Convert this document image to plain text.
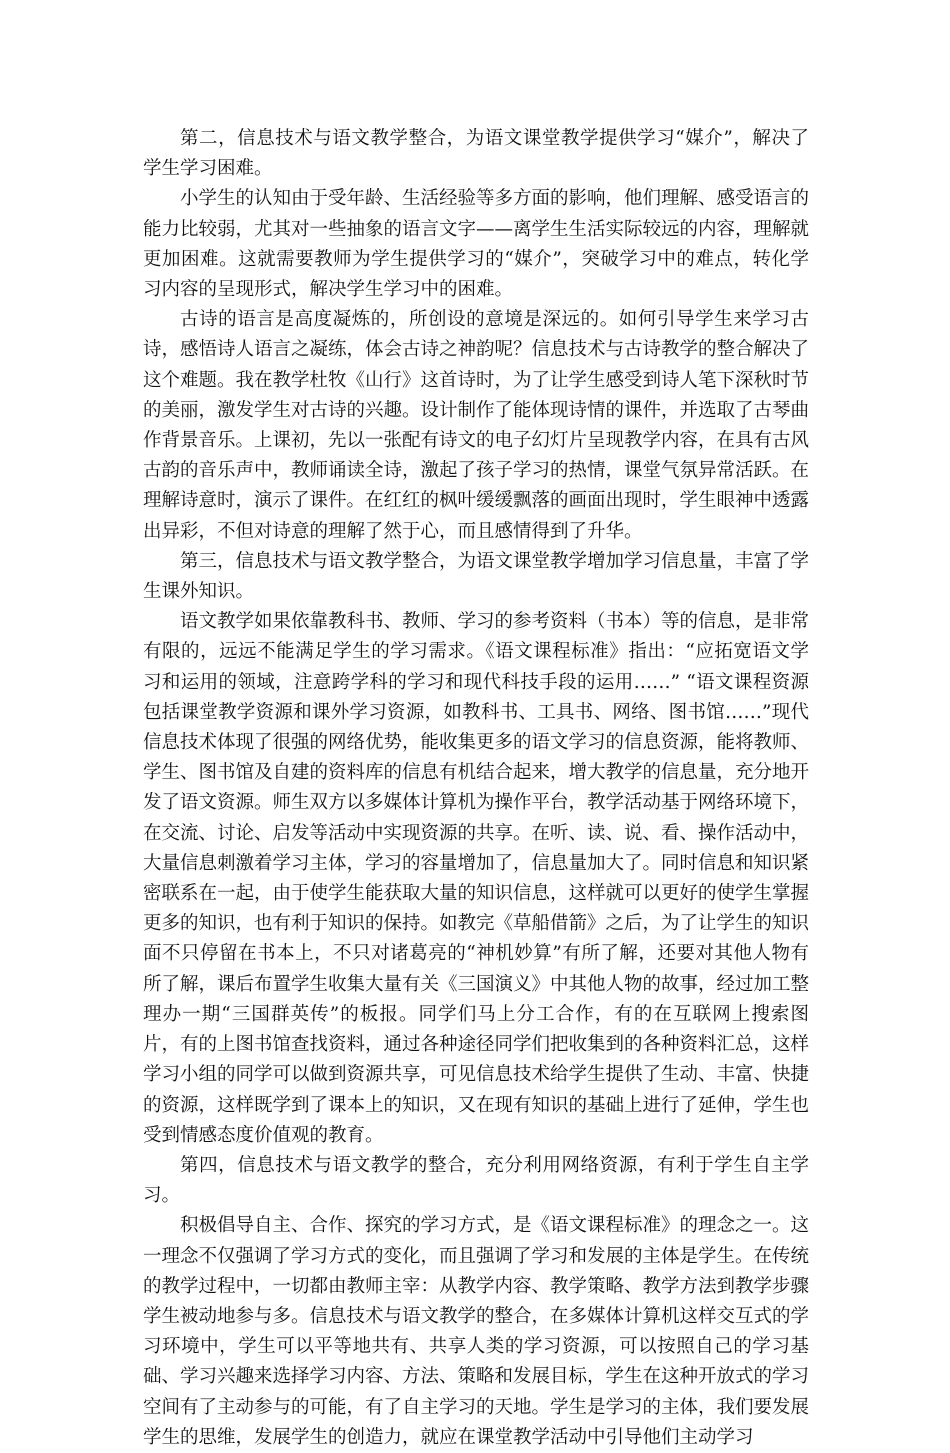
第二，信息技术与语文教学整合，为语文课堂教学提供学习“媒介”，解决了学生学习困难。

小学生的认知由于受年龄、生活经验等多方面的影响，他们理解、感受语言的能力比较弱，尤其对一些抽象的语言文字——离学生生活实际较远的内容，理解就更加困难。这就需要教师为学生提供学习的“媒介”，突破学习中的难点，转化学习内容的呈现形式，解决学生学习中的困难。

古诗的语言是高度凝炼的，所创设的意境是深远的。如何引导学生来学习古诗，感悟诗人语言之凝练，体会古诗之神韵呢？信息技术与古诗教学的整合解决了这个难题。我在教学杜牧《山行》这首诗时，为了让学生感受到诗人笔下深秋时节的美丽，激发学生对古诗的兴趣。设计制作了能体现诗情的课件，并选取了古琴曲作背景音乐。上课初，先以一张配有诗文的电子幻灯片呈现教学内容，在具有古风古韵的音乐声中，教师诵读全诗，激起了孩子学习的热情，课堂气氛异常活跃。在理解诗意时，演示了课件。在红红的枫叶缓缓飘落的画面出现时，学生眼神中透露出异彩，不但对诗意的理解了然于心，而且感情得到了升华。

第三，信息技术与语文教学整合，为语文课堂教学增加学习信息量，丰富了学生课外知识。

语文教学如果依靠教科书、教师、学习的参考资料（书本）等的信息，是非常有限的，远远不能满足学生的学习需求。《语文课程标准》指出：“应拓宽语文学习和运用的领域，注意跨学科的学习和现代科技手段的运用……” “语文课程资源包括课堂教学资源和课外学习资源，如教科书、工具书、网络、图书馆……”现代信息技术体现了很强的网络优势，能收集更多的语文学习的信息资源，能将教师、学生、图书馆及自建的资料库的信息有机结合起来，增大教学的信息量，充分地开发了语文资源。师生双方以多媒体计算机为操作平台，教学活动基于网络环境下，在交流、讨论、启发等活动中实现资源的共享。在听、读、说、看、操作活动中，大量信息刺激着学习主体，学习的容量增加了，信息量加大了。同时信息和知识紧密联系在一起，由于使学生能获取大量的知识信息，这样就可以更好的使学生掌握更多的知识，也有利于知识的保持。如教完《草船借箭》之后，为了让学生的知识面不只停留在书本上，不只对诸葛亮的“神机妙算”有所了解，还要对其他人物有所了解，课后布置学生收集大量有关《三国演义》中其他人物的故事，经过加工整理办一期“三国群英传”的板报。同学们马上分工合作，有的在互联网上搜索图片，有的上图书馆查找资料，通过各种途径同学们把收集到的各种资料汇总，这样学习小组的同学可以做到资源共享，可见信息技术给学生提供了生动、丰富、快捷的资源，这样既学到了课本上的知识，又在现有知识的基础上进行了延伸，学生也受到情感态度价值观的教育。

第四，信息技术与语文教学的整合，充分利用网络资源，有利于学生自主学习。

积极倡导自主、合作、探究的学习方式，是《语文课程标准》的理念之一。这一理念不仅强调了学习方式的变化，而且强调了学习和发展的主体是学生。在传统的教学过程中，一切都由教师主宰：从教学内容、教学策略、教学方法到教学步骤学生被动地参与多。信息技术与语文教学的整合，在多媒体计算机这样交互式的学习环境中，学生可以平等地共有、共享人类的学习资源，可以按照自己的学习基础、学习兴趣来选择学习内容、方法、策略和发展目标，学生在这种开放式的学习空间有了主动参与的可能，有了自主学习的天地。学生是学习的主体，我们要发展学生的思维，发展学生的创造力，就应在课堂教学活动中引导他们主动学习
